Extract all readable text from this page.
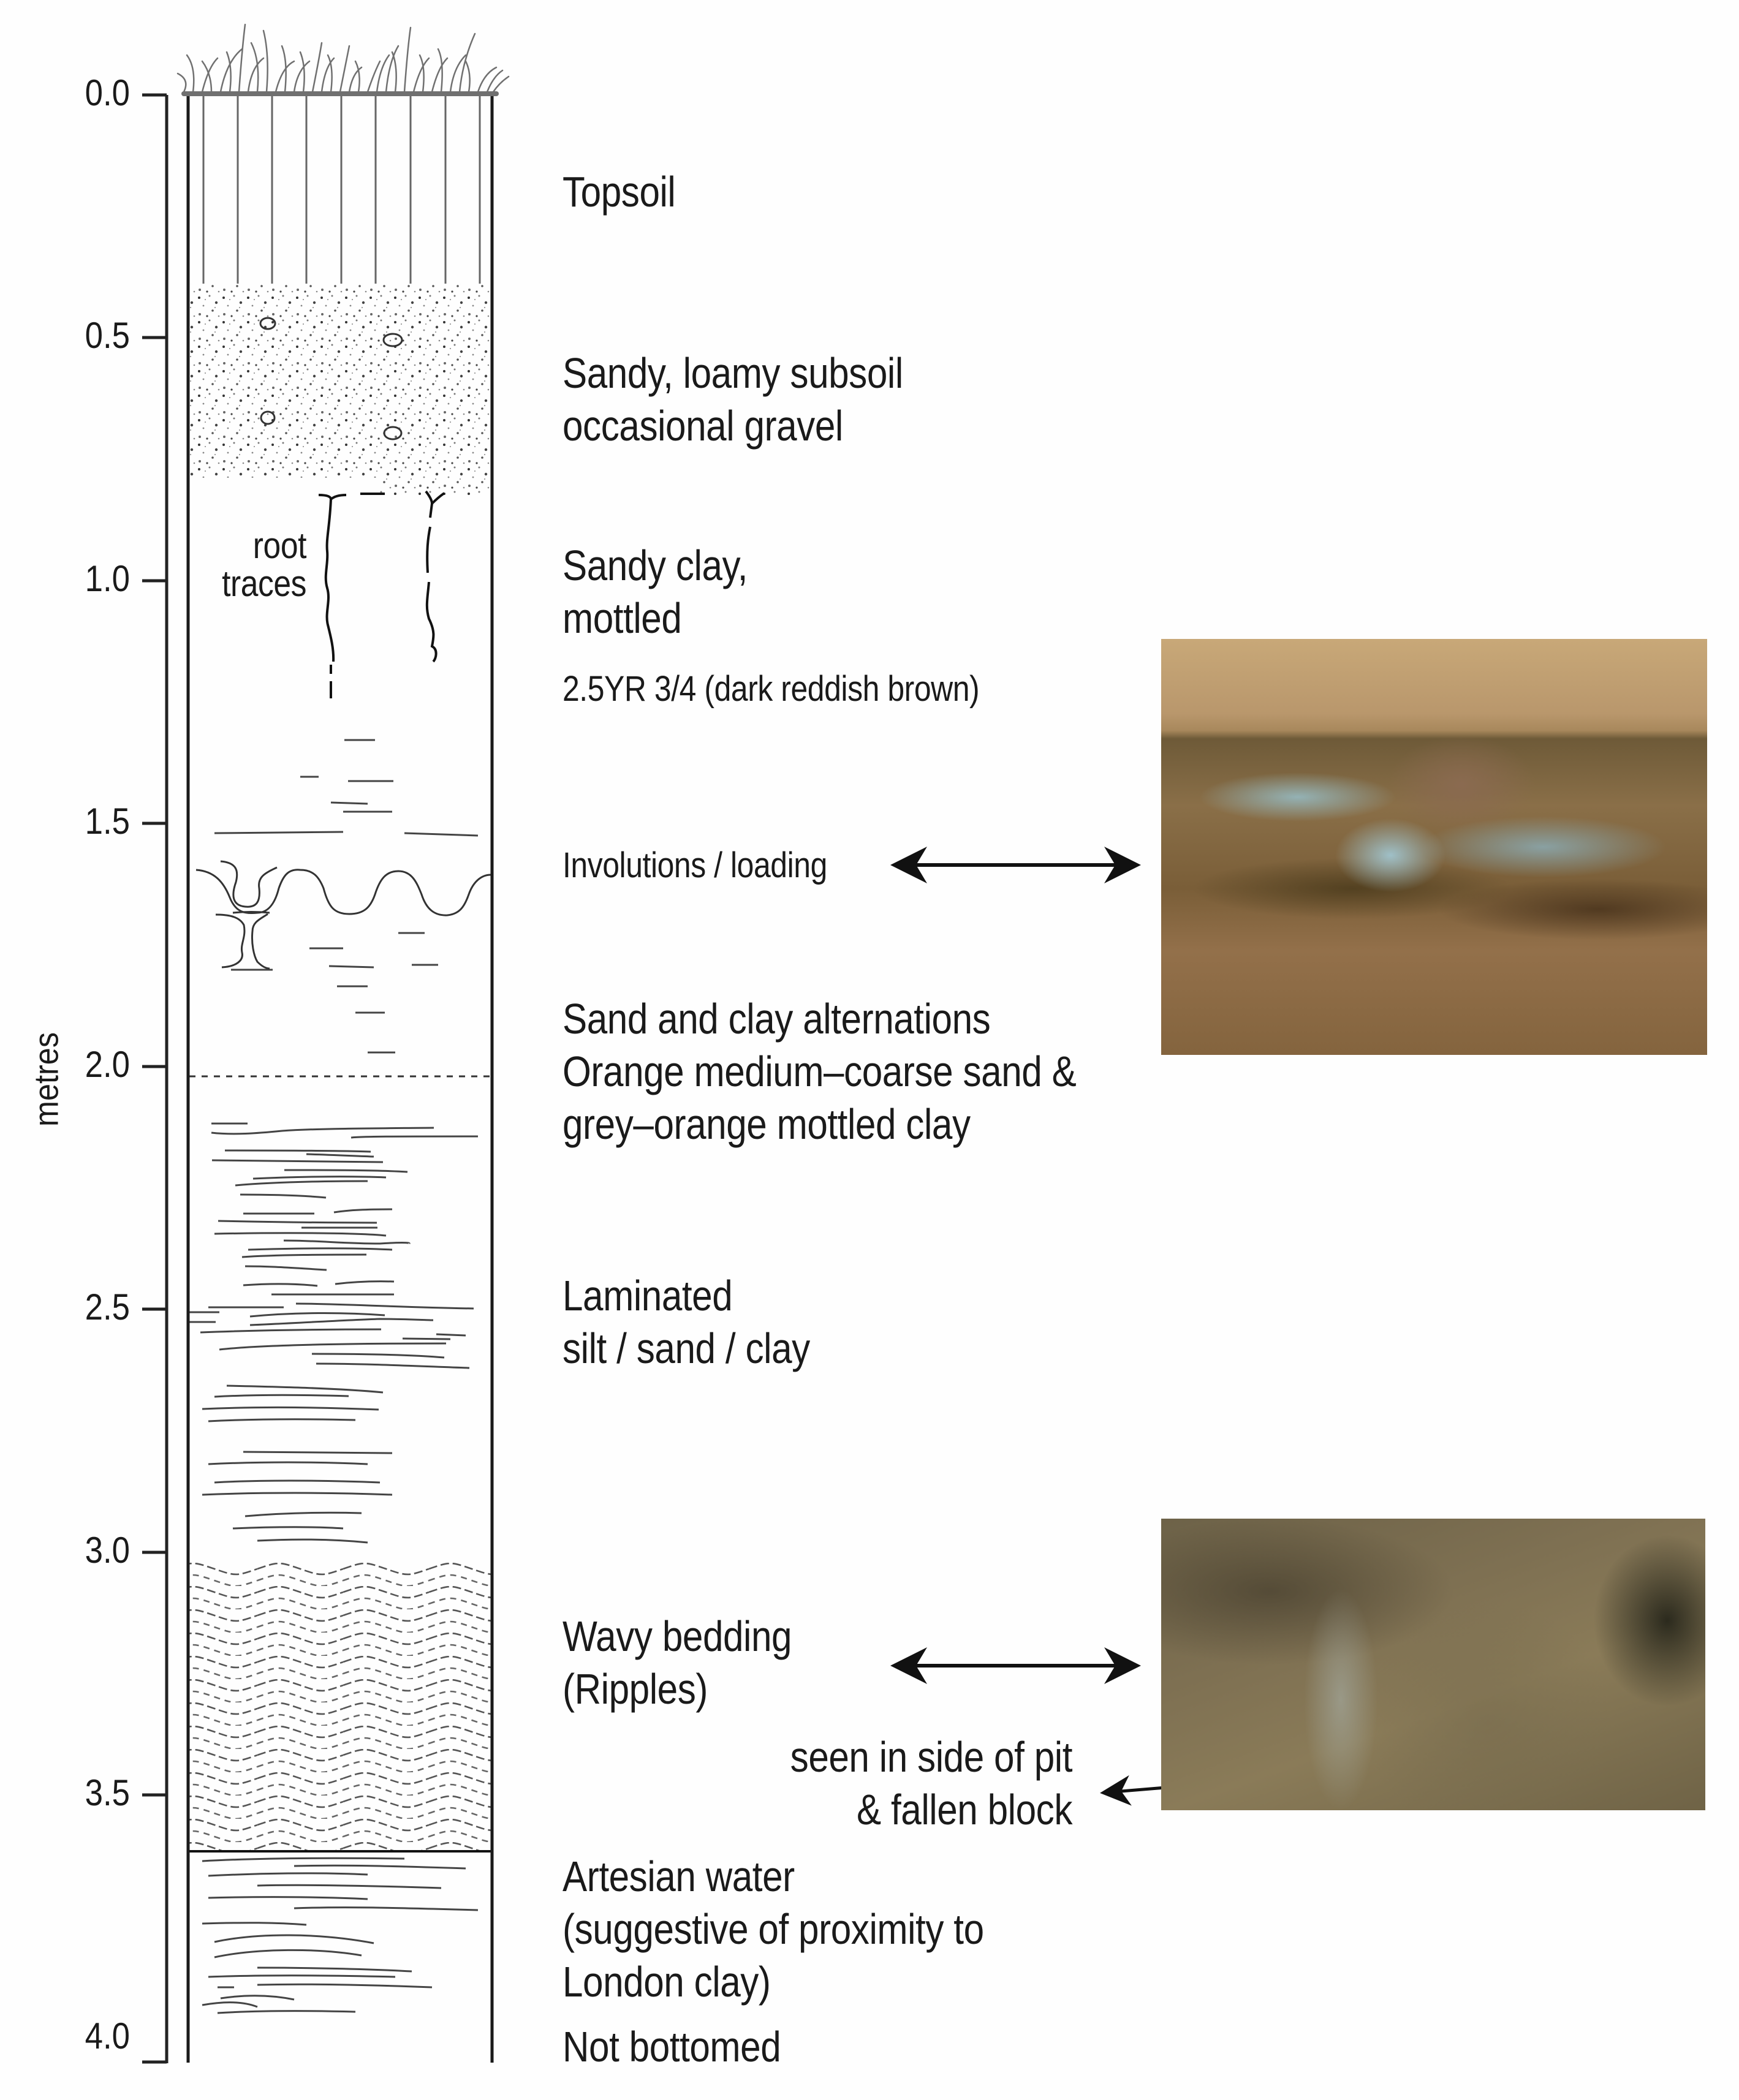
metres
0.0
0.5
1.0
1.5
2.0
2.5
3.0
3.5
4.0
root
traces
Topsoil
Sandy, loamy subsoil
occasional gravel
Sandy clay,
mottled
2.5YR 3/4 (dark reddish brown)
Involutions / loading
Sand and clay alternations
Orange medium–coarse sand &
grey–orange mottled clay
Laminated
silt / sand / clay
Wavy bedding
(Ripples)
seen in side of pit
& fallen block
Artesian water
(suggestive of proximity to
London clay)
Not bottomed
